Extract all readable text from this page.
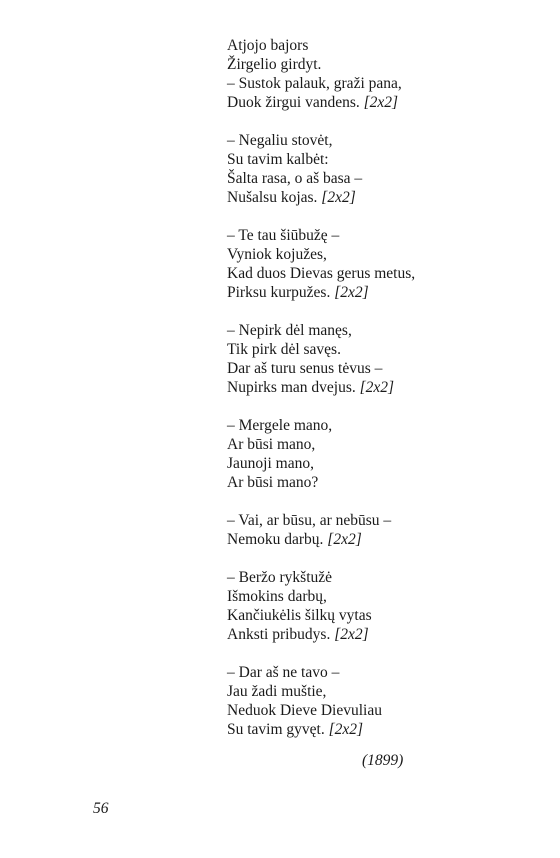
Atjojo bajors
Žirgelio girdyt.
– Sustok palauk, graži pana,
Duok žirgui vandens. [2x2]
– Negaliu stovėt,
Su tavim kalbėt:
Šalta rasa, o aš basa –
Nušalsu kojas. [2x2]
– Te tau šiūbužę –
Vyniok kojužes,
Kad duos Dievas gerus metus,
Pirksu kurpužes. [2x2]
– Nepirk dėl manęs,
Tik pirk dėl savęs.
Dar aš turu senus tėvus –
Nupirks man dvejus. [2x2]
– Mergele mano,
Ar būsi mano,
Jaunoji mano,
Ar būsi mano?
– Vai, ar būsu, ar nebūsu –
Nemoku darbų. [2x2]
– Beržo rykštužė
Išmokins darbų,
Kančiukėlis šilkų vytas
Anksti pribudys. [2x2]
– Dar aš ne tavo –
Jau žadi muštie,
Neduok Dieve Dievuliau
Su tavim gyvęt. [2x2]
(1899)
56
